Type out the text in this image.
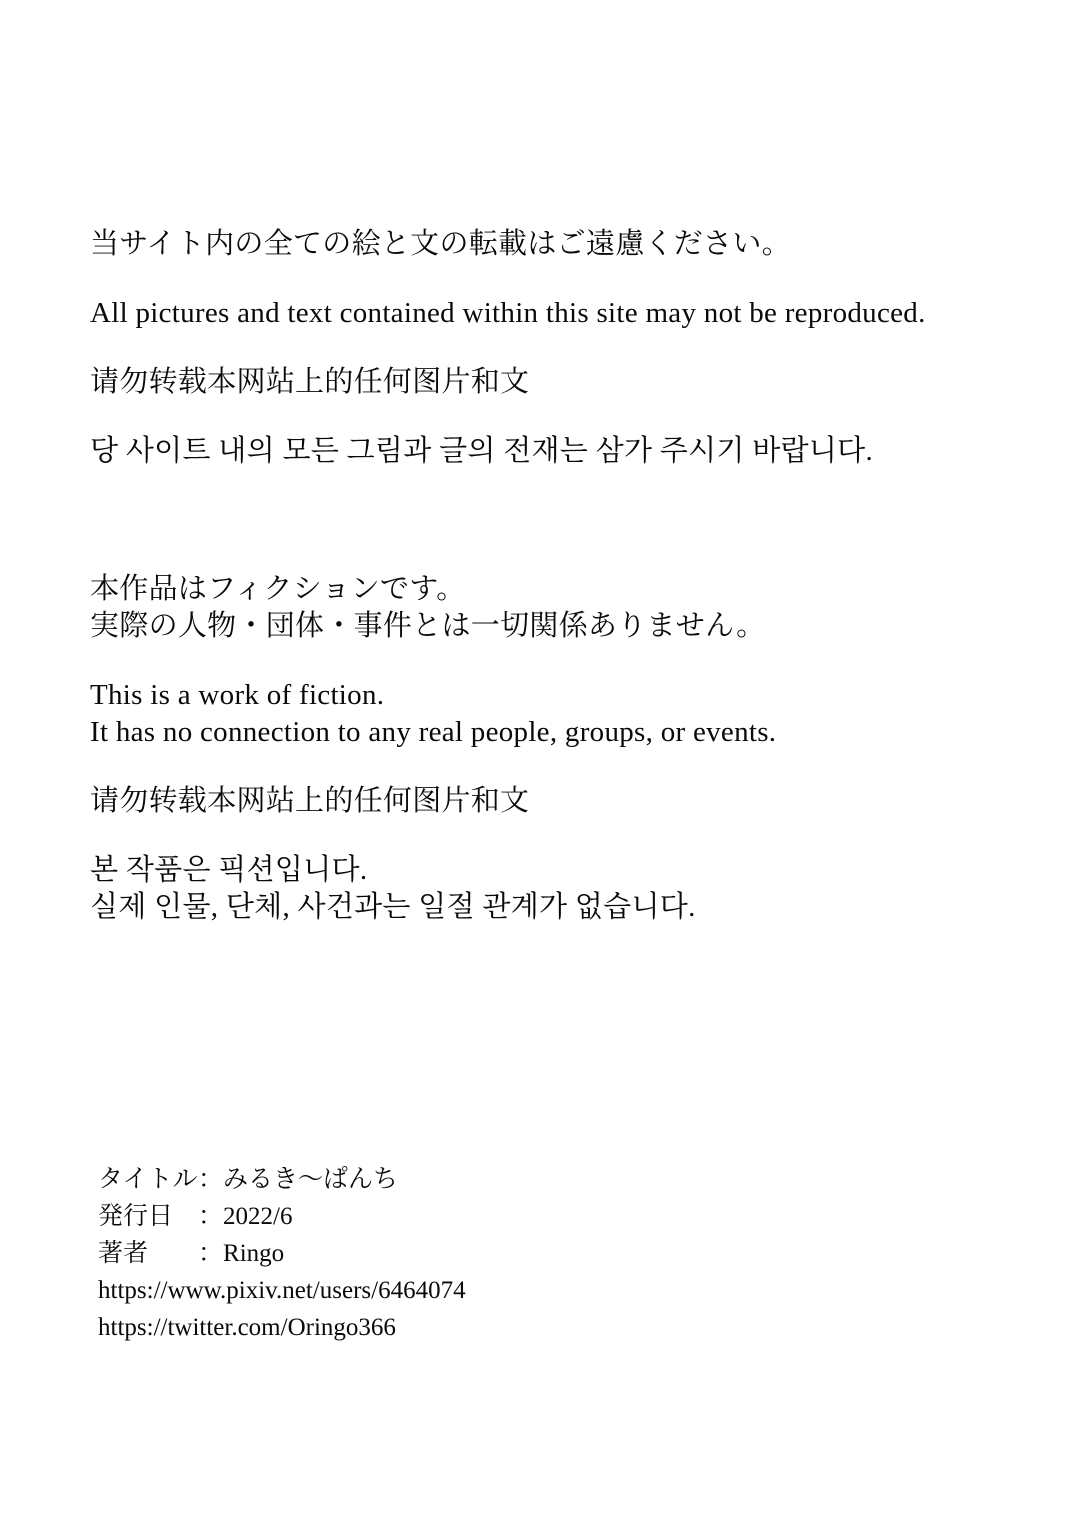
当サイト内の全ての絵と文の転載はご遠慮ください。

All pictures and text contained within this site may not be reproduced.

请勿转载本网站上的任何图片和文

당 사이트 내의 모든 그림과 글의 전재는 삼가 주시기 바랍니다.

本作品はフィクションです。
実際の人物・団体・事件とは一切関係ありません。

This is a work of fiction.
It has no connection to any real people, groups, or events.

请勿转载本网站上的任何图片和文

본 작품은 픽션입니다.
실제 인물, 단체, 사건과는 일절 관계가 없습니다.

タイトル ： みるき～ぱんち
発行日 ： 2022/6
著者	： Ringo
https://www.pixiv.net/users/6464074
https://twitter.com/Oringo366
